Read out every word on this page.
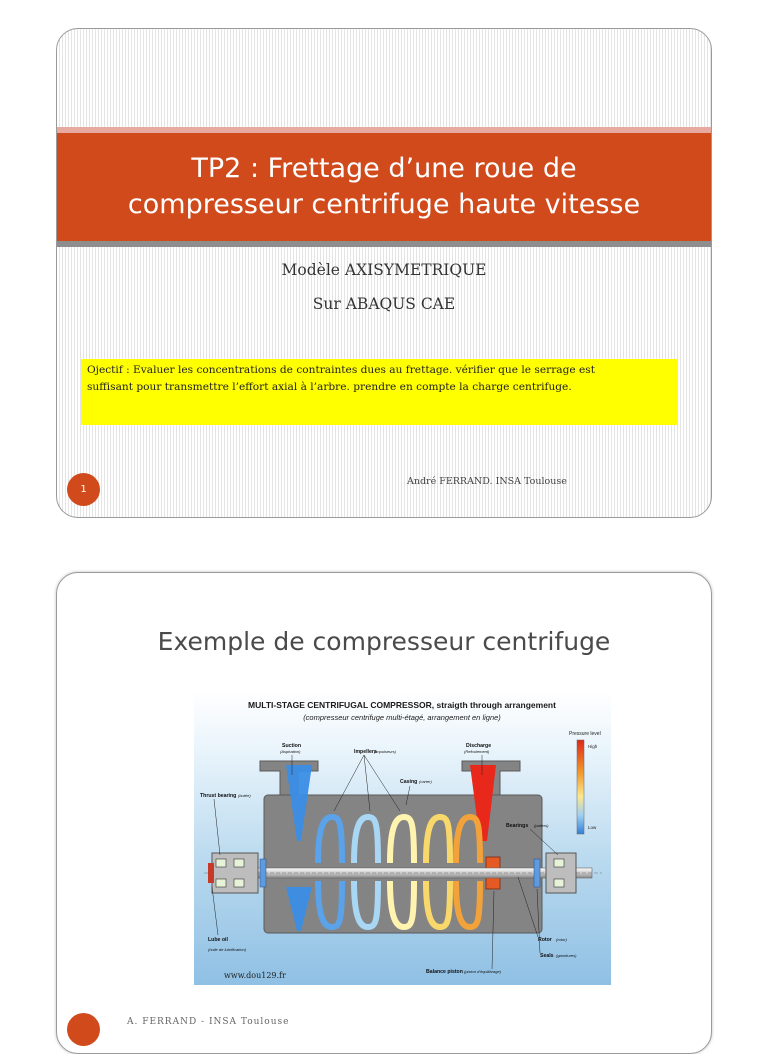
TP2 : Frettage d’une roue de
compresseur centrifuge haute vitesse
Modèle AXISYMETRIQUE
Sur ABAQUS CAE
Ojectif : Evaluer les concentrations de contraintes dues au frettage. vérifier que le serrage est
suffisant pour transmettre l’effort axial à l’arbre. prendre en compte la charge centrifuge.
1
André FERRAND. INSA Toulouse
Exemple de compresseur centrifuge
MULTI-STAGE CENTRIFUGAL COMPRESSOR, straigth through arrangement
(compresseur centrifuge multi-étagé, arrangement en ligne)
Pressure level
High
Low
Suction
(Aspiration)	Impellers
(impulseurs)
Discharge
(Refoulement)
Casing (carter)
Thrust bearing (butée)
Bearings (paliers)
Lube oil
(huile de lubrification)
Rotor (rotor)
Seals (garnitures)
Balance piston (piston d'équilibrage)
www.dou129.fr
A. FERRAND - INSA Toulouse
